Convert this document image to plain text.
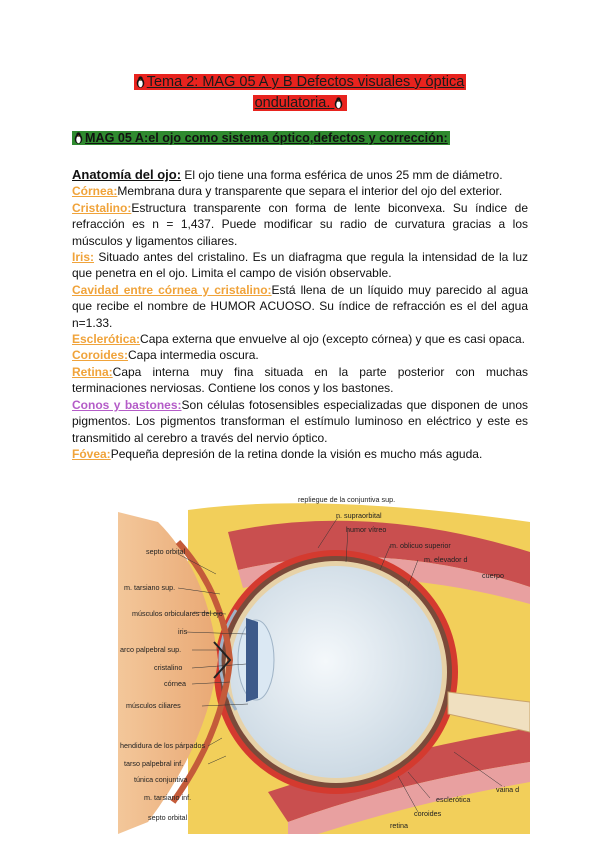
Tema 2: MAG 05 A y B Defectos visuales y óptica
ondulatoria.
MAG 05 A:el ojo como sistema óptico,defectos y corrección:

Anatomía del ojo: El ojo tiene una forma esférica de unos 25 mm de diámetro.

Córnea:Membrana dura y transparente que separa el interior del ojo del exterior.

Cristalino:Estructura transparente con forma de lente biconvexa. Su índice de refracción es n = 1,437. Puede modificar su radio de curvatura gracias a los músculos y ligamentos ciliares.

Iris: Situado antes del cristalino. Es un diafragma que regula la intensidad de la luz que penetra en el ojo. Limita el campo de visión observable.

Cavidad entre córnea y cristalino:Está llena de un líquido muy parecido al agua que recibe el nombre de HUMOR ACUOSO. Su índice de refracción es el del agua n=1.33.

Esclerótica:Capa externa que envuelve al ojo (excepto córnea) y que es casi opaca.

Coroides:Capa intermedia oscura.

Retina:Capa interna muy fina situada en la parte posterior con muchas terminaciones nerviosas. Contiene los conos y los bastones.

Conos y bastones:Son células fotosensibles especializadas que disponen de unos pigmentos. Los pigmentos transforman el estímulo luminoso en eléctrico y este es transmitido al cerebro a través del nervio óptico.

Fóvea:Pequeña depresión de la retina donde la visión es mucho más aguda.

repliegue de la conjuntiva sup.
n. supraorbital
humor vítreo
m. oblicuo superior
m. elevador d
cuerpo
septo orbital
m. tarsiano sup.
músculos orbiculares del ojo
iris
arco palpebral sup.
cristalino
córnea
músculos ciliares
hendidura de los párpados
tarso palpebral inf.
túnica conjuntiva
m. tarsiano inf.
septo orbital
vaina d
esclerótica
coroides
retina
